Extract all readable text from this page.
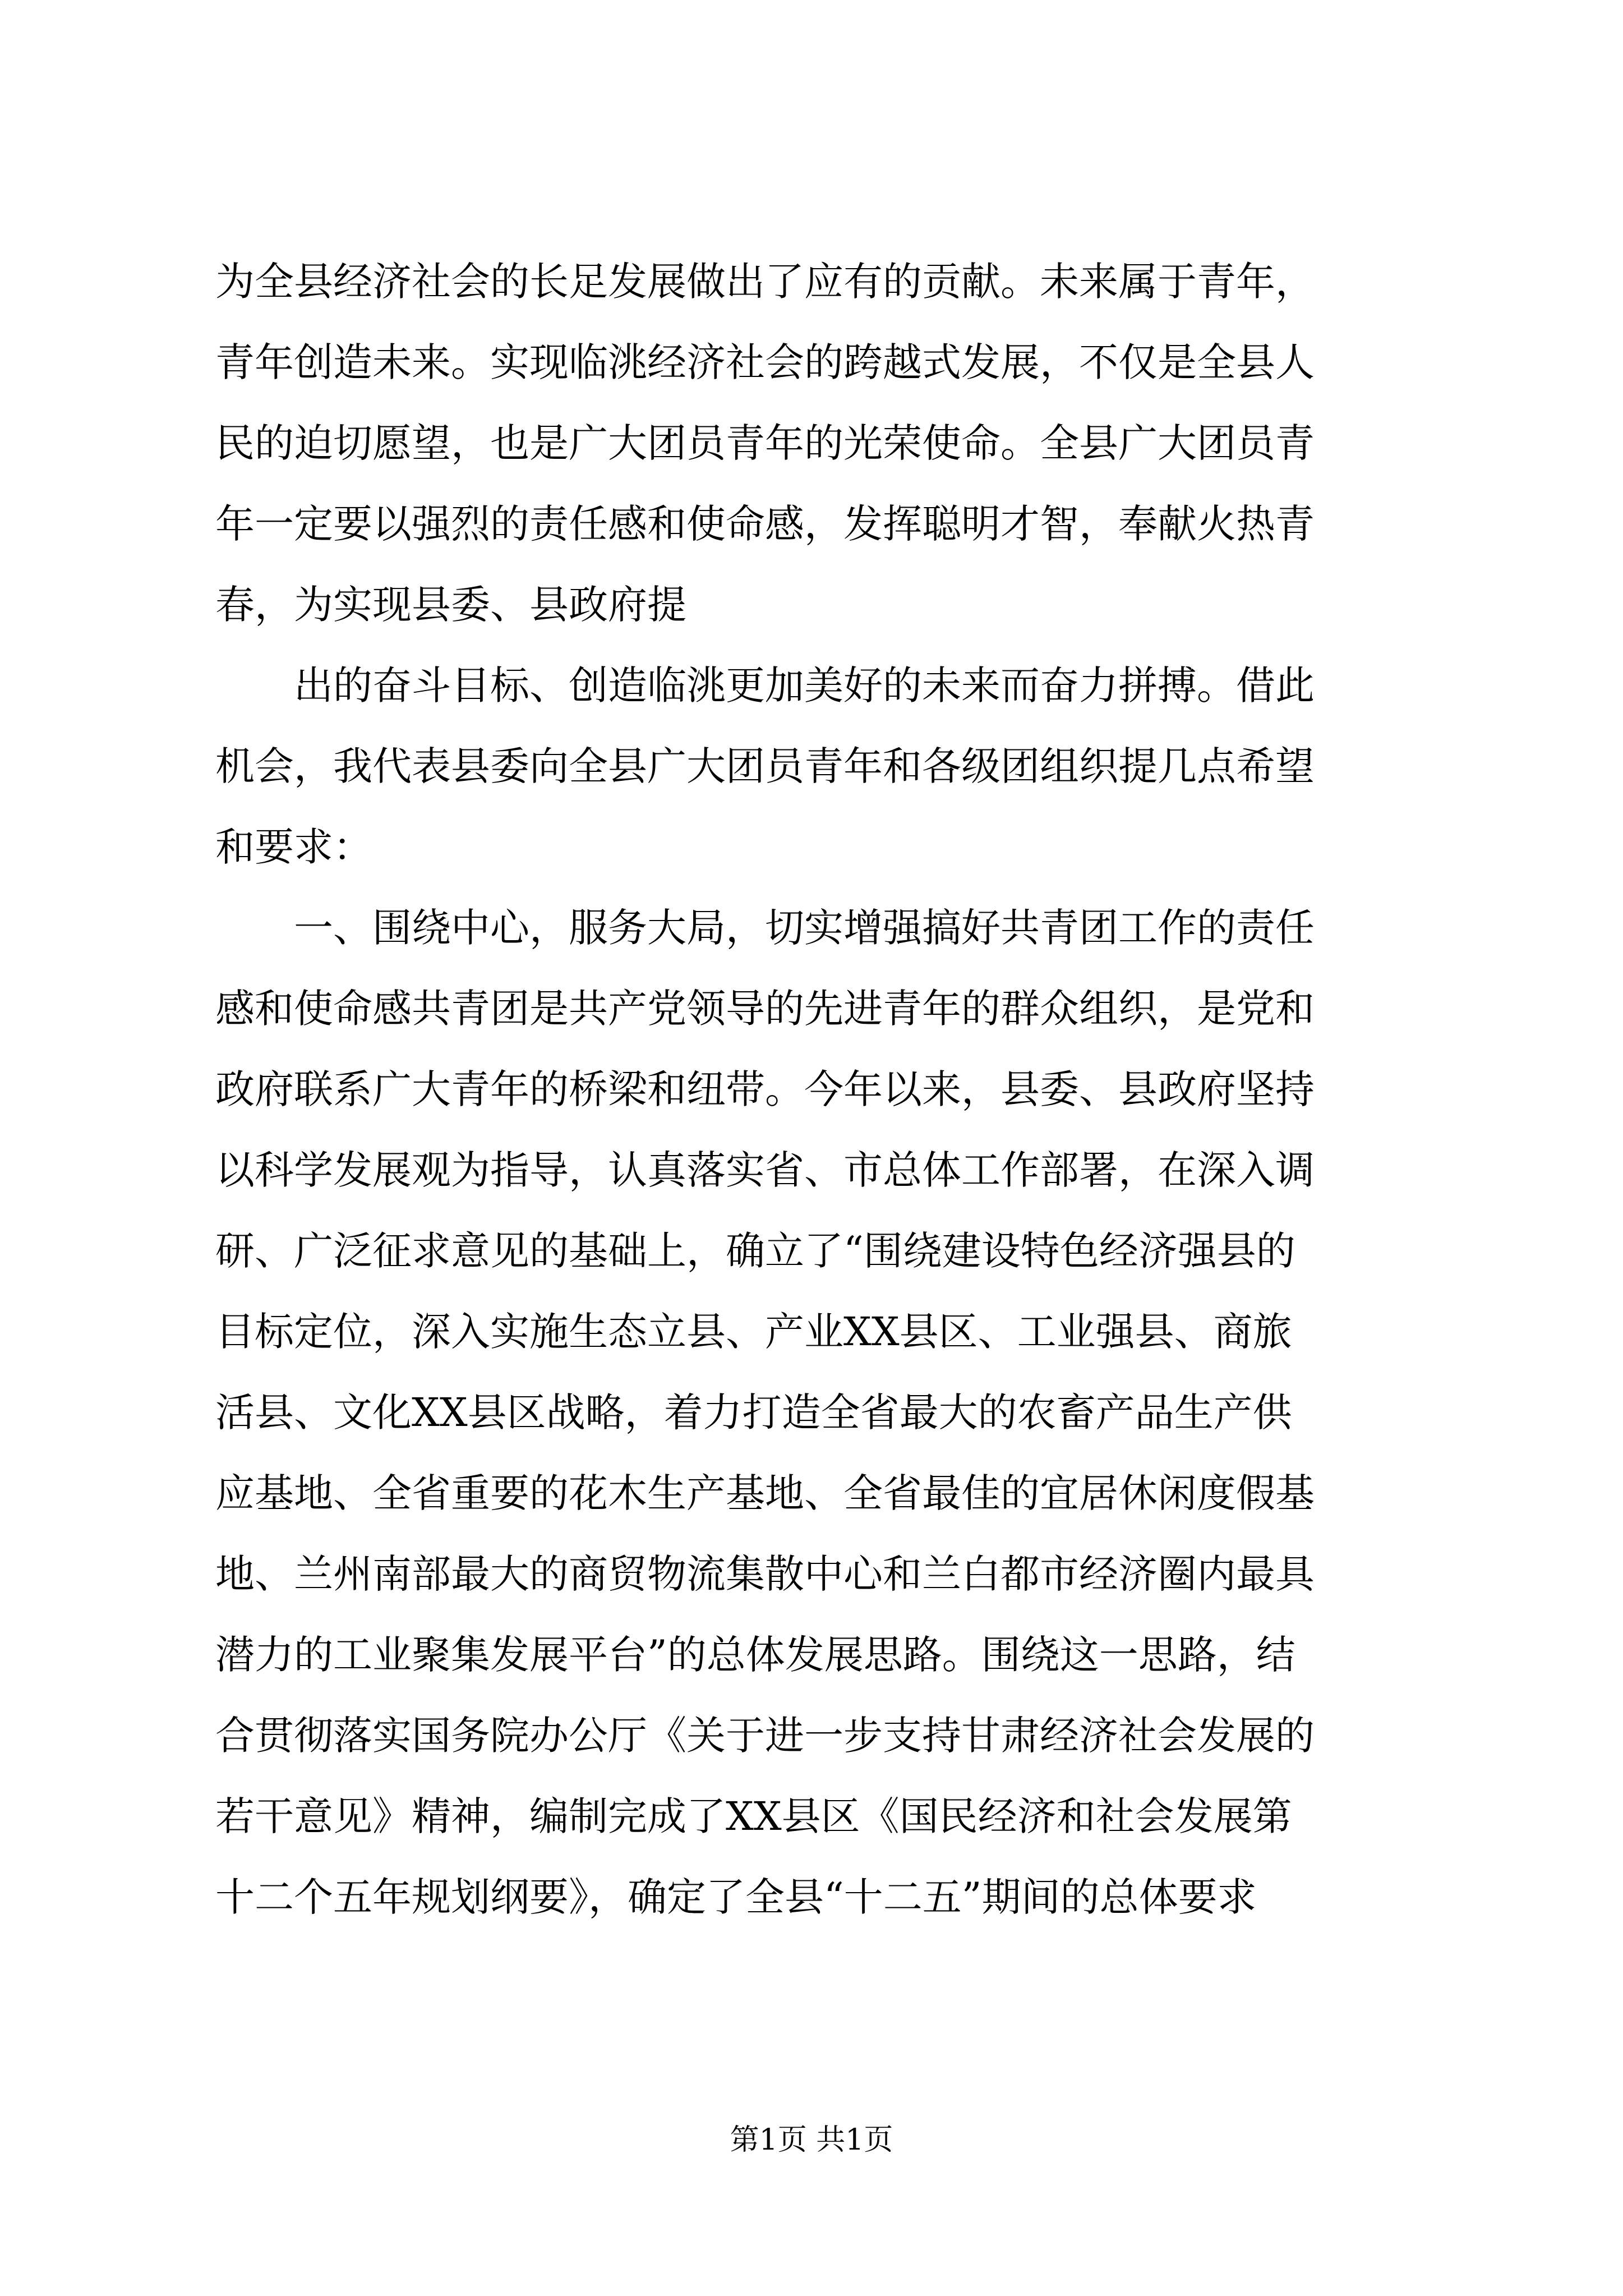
为全县经济社会的长足发展做出了应有的贡献。未来属于青年，
青年创造未来。实现临洮经济社会的跨越式发展，不仅是全县人
民的迫切愿望，也是广大团员青年的光荣使命。全县广大团员青
年一定要以强烈的责任感和使命感，发挥聪明才智，奉献火热青
春，为实现县委、县政府提
　　出的奋斗目标、创造临洮更加美好的未来而奋力拼搏。借此
机会，我代表县委向全县广大团员青年和各级团组织提几点希望
和要求：
　　一、围绕中心，服务大局，切实增强搞好共青团工作的责任
感和使命感共青团是共产党领导的先进青年的群众组织，是党和
政府联系广大青年的桥梁和纽带。今年以来，县委、县政府坚持
以科学发展观为指导，认真落实省、市总体工作部署，在深入调
研、广泛征求意见的基础上，确立了“围绕建设特色经济强县的
目标定位，深入实施生态立县、产业XX县区、工业强县、商旅
活县、文化XX县区战略，着力打造全省最大的农畜产品生产供
应基地、全省重要的花木生产基地、全省最佳的宜居休闲度假基
地、兰州南部最大的商贸物流集散中心和兰白都市经济圈内最具
潜力的工业聚集发展平台”的总体发展思路。围绕这一思路，结
合贯彻落实国务院办公厅《关于进一步支持甘肃经济社会发展的
若干意见》精神，编制完成了XX县区《国民经济和社会发展第
十二个五年规划纲要》，确定了全县“十二五”期间的总体要求
第1页 共1页
